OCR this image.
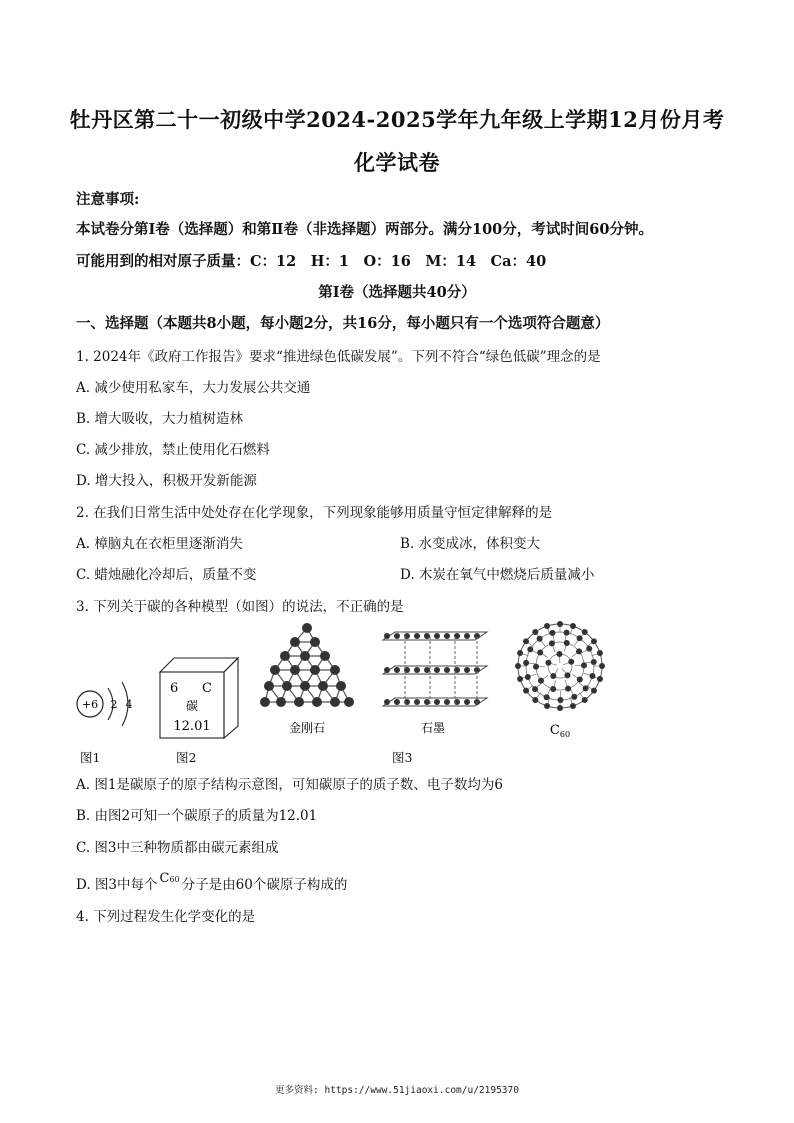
牡丹区第二十一初级中学2024-2025学年九年级上学期12月份月考
化学试卷
注意事项:
本试卷分第Ⅰ卷（选择题）和第Ⅱ卷（非选择题）两部分。满分100分，考试时间60分钟。
可能用到的相对原子质量：C：12　H：1　O：16　M：14　Ca：40
第Ⅰ卷（选择题共40分）
一、选择题（本题共8小题，每小题2分，共16分，每小题只有一个选项符合题意）
1. 2024年《政府工作报告》要求“推进绿色低碳发展”。下列不符合“绿色低碳”理念的是
A. 减少使用私家车，大力发展公共交通
B. 增大吸收，大力植树造林
C. 减少排放，禁止使用化石燃料
D. 增大投入，积极开发新能源
2. 在我们日常生活中处处存在化学现象，下列现象能够用质量守恒定律解释的是
A. 樟脑丸在衣柜里逐渐消失	B. 水变成冰，体积变大
C. 蜡烛融化冷却后，质量不变	D. 木炭在氧气中燃烧后质量减小
3. 下列关于碳的各种模型（如图）的说法，不正确的是
+6 2 4
6 C
碳
12.01	金刚石	石墨	$C_{60}$
图1	图2	图3
A. 图1是碳原子的原子结构示意图，可知碳原子的质子数、电子数均为6
B. 由图2可知一个碳原子的质量为12.01
C. 图3中三种物质都由碳元素组成
D. 图3中每个 C60 分子是由60个碳原子构成的
4. 下列过程发生化学变化的是
更多资料: https://www.51jiaoxi.com/u/2195370
